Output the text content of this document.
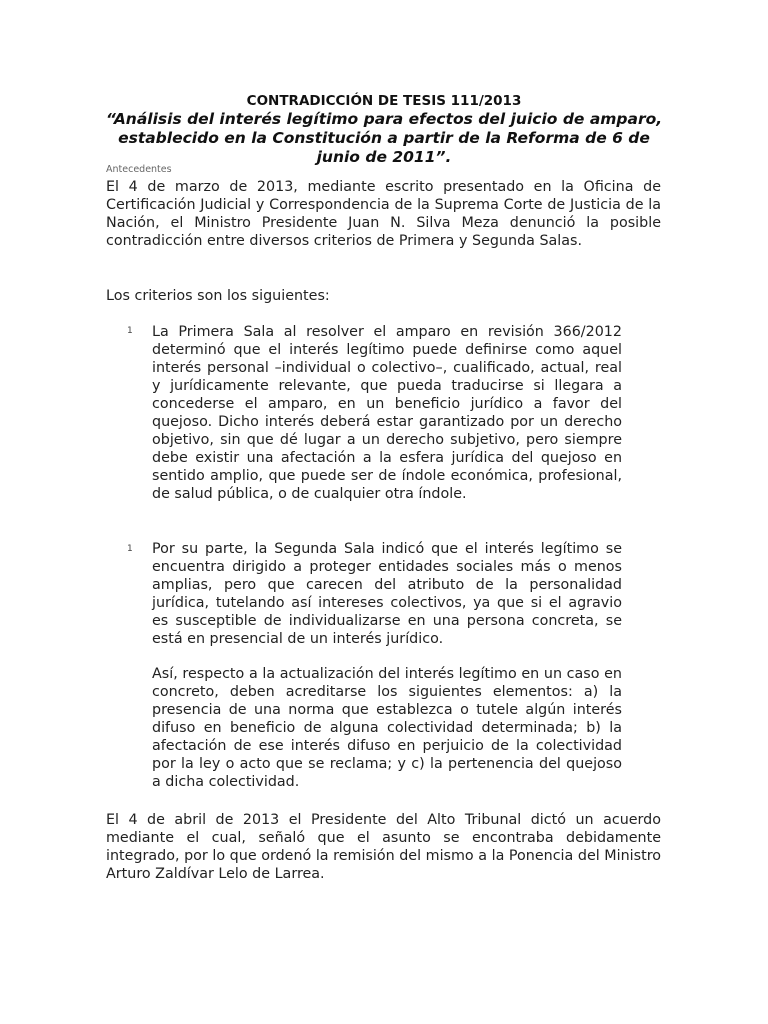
CONTRADICCIÓN DE TESIS 111/2013
“Análisis del interés legítimo para efectos del juicio de amparo, establecido en la Constitución a partir de la Reforma de 6 de junio de 2011”.
Antecedentes

El 4 de marzo de 2013, mediante escrito presentado en la Oficina de Certificación Judicial y Correspondencia de la Suprema Corte de Justicia de la Nación, el Ministro Presidente Juan N. Silva Meza denunció la posible contradicción entre diversos criterios de Primera y Segunda Salas.

Los criterios son los siguientes:

1 La Primera Sala al resolver el amparo en revisión 366/2012 determinó que el interés legítimo puede definirse como aquel interés personal –individual o colectivo–, cualificado, actual, real y jurídicamente relevante, que pueda traducirse si llegara a concederse el amparo, en un beneficio jurídico a favor del quejoso. Dicho interés deberá estar garantizado por un derecho objetivo, sin que dé lugar a un derecho subjetivo, pero siempre debe existir una afectación a la esfera jurídica del quejoso en sentido amplio, que puede ser de índole económica, profesional, de salud pública, o de cualquier otra índole.

1 Por su parte, la Segunda Sala indicó que el interés legítimo se encuentra dirigido a proteger entidades sociales más o menos amplias, pero que carecen del atributo de la personalidad jurídica, tutelando así intereses colectivos, ya que si el agravio es susceptible de individualizarse en una persona concreta, se está en presencial de un interés jurídico.

Así, respecto a la actualización del interés legítimo en un caso en concreto, deben acreditarse los siguientes elementos: a) la presencia de una norma que establezca o tutele algún interés difuso en beneficio de alguna colectividad determinada; b) la afectación de ese interés difuso en perjuicio de la colectividad por la ley o acto que se reclama; y c) la pertenencia del quejoso a dicha colectividad.

El 4 de abril de 2013 el Presidente del Alto Tribunal dictó un acuerdo mediante el cual, señaló que el asunto se encontraba debidamente integrado, por lo que ordenó la remisión del mismo a la Ponencia del Ministro Arturo Zaldívar Lelo de Larrea.
